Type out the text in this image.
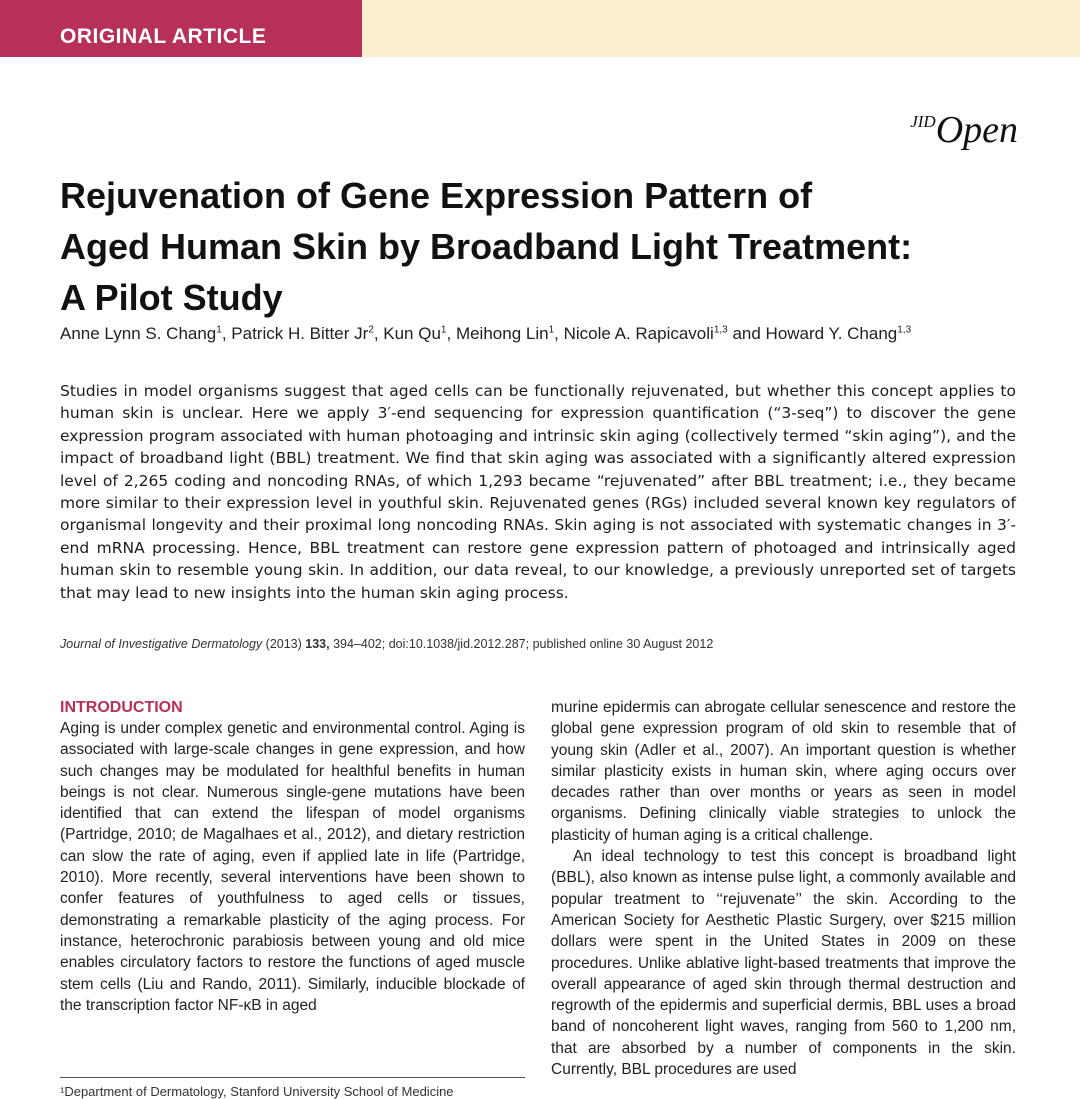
ORIGINAL ARTICLE
JIDOpen
Rejuvenation of Gene Expression Pattern of
Aged Human Skin by Broadband Light Treatment:
A Pilot Study
Anne Lynn S. Chang$^1$, Patrick H. Bitter Jr$^2$, Kun Qu$^1$, Meihong Lin$^1$, Nicole A. Rapicavoli$^{1,3}$ and Howard Y. Chang$^{1,3}$

Studies in model organisms suggest that aged cells can be functionally rejuvenated, but whether this concept applies to human skin is unclear. Here we apply 3′-end sequencing for expression quantification (“3-seq”) to discover the gene expression program associated with human photoaging and intrinsic skin aging (collectively termed “skin aging”), and the impact of broadband light (BBL) treatment. We find that skin aging was associated with a significantly altered expression level of 2,265 coding and noncoding RNAs, of which 1,293 became “rejuvenated” after BBL treatment; i.e., they became more similar to their expression level in youthful skin. Rejuvenated genes (RGs) included several known key regulators of organismal longevity and their proximal long noncoding RNAs. Skin aging is not associated with systematic changes in 3′-end mRNA processing. Hence, BBL treatment can restore gene expression pattern of photoaged and intrinsically aged human skin to resemble young skin. In addition, our data reveal, to our knowledge, a previously unreported set of targets that may lead to new insights into the human skin aging process.

Journal of Investigative Dermatology (2013) 133, 394–402; doi:10.1038/jid.2012.287; published online 30 August 2012
INTRODUCTION

Aging is under complex genetic and environmental control. Aging is associated with large-scale changes in gene expression, and how such changes may be modulated for healthful benefits in human beings is not clear. Numerous single-gene mutations have been identified that can extend the lifespan of model organisms (Partridge, 2010; de Magalhaes et al., 2012), and dietary restriction can slow the rate of aging, even if applied late in life (Partridge, 2010). More recently, several interventions have been shown to confer features of youthfulness to aged cells or tissues, demonstrating a remarkable plasticity of the aging process. For instance, heterochronic parabiosis between young and old mice enables circulatory factors to restore the functions of aged muscle stem cells (Liu and Rando, 2011). Similarly, inducible blockade of the transcription factor NF-κB in aged

murine epidermis can abrogate cellular senescence and restore the global gene expression program of old skin to resemble that of young skin (Adler et al., 2007). An important question is whether similar plasticity exists in human skin, where aging occurs over decades rather than over months or years as seen in model organisms. Defining clinically viable strategies to unlock the plasticity of human aging is a critical challenge.

An ideal technology to test this concept is broadband light (BBL), also known as intense pulse light, a commonly available and popular treatment to ‘‘rejuvenate’’ the skin. According to the American Society for Aesthetic Plastic Surgery, over $215 million dollars were spent in the United States in 2009 on these procedures. Unlike ablative light-based treatments that improve the overall appearance of aged skin through thermal destruction and regrowth of the epidermis and superficial dermis, BBL uses a broad band of noncoherent light waves, ranging from 560 to 1,200 nm, that are absorbed by a number of components in the skin. Currently, BBL procedures are used

¹Department of Dermatology, Stanford University School of Medicine
